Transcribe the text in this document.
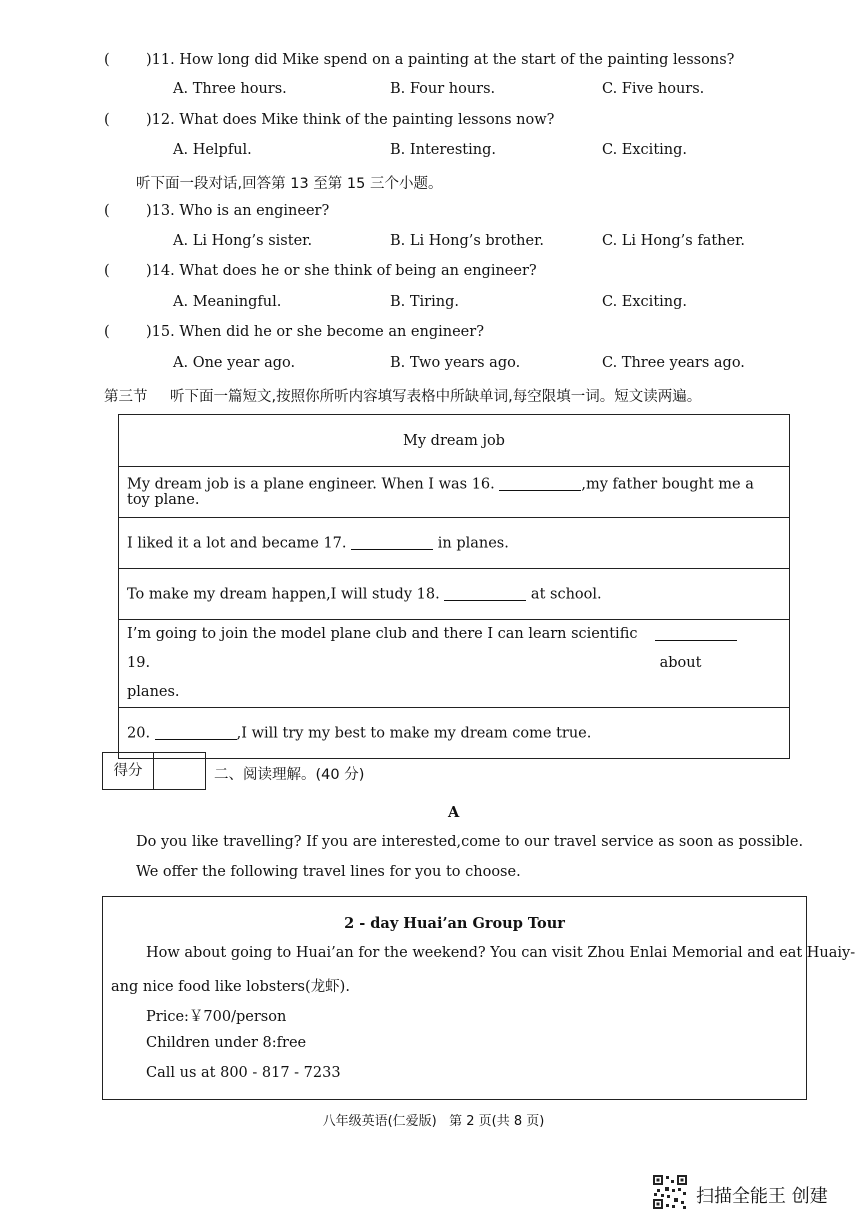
(	)11. How long did Mike spend on a painting at the start of the painting lessons?
A. Three hours.	B. Four hours.	C. Five hours.
(	)12. What does Mike think of the painting lessons now?
A. Helpful.	B. Interesting.	C. Exciting.
听下面一段对话,回答第 13 至第 15 三个小题。
(	)13. Who is an engineer?
A. Li Hong’s sister.	B. Li Hong’s brother.	C. Li Hong’s father.
(	)14. What does he or she think of being an engineer?
A. Meaningful.	B. Tiring.	C. Exciting.
(	)15. When did he or she become an engineer?
A. One year ago.	B. Two years ago.	C. Three years ago.
第三节 听下面一篇短文,按照你所听内容填写表格中所缺单词,每空限填一词。短文读两遍。
My dream job
My dream job is a plane engineer. When I was 16.	,my father bought me a toy plane.
I liked it a lot and became 17.	in planes.
To make my dream happen,I will study 18.	at school.

I’m going to join the model plane club and there I can learn scientific 19.	about
planes.

20.	,I will try my best to make my dream come true.
得分	二、阅读理解。(40 分)
A
Do you like travelling? If you are interested,come to our travel service as soon as possible.
We offer the following travel lines for you to choose.
2 - day Huai’an Group Tour
How about going to Huai’an for the weekend? You can visit Zhou Enlai Memorial and eat Huaiy-
ang nice food like lobsters(龙虾).
Price:￥700/person
Children under 8:free
Call us at 800 - 817 - 7233
八年级英语(仁爱版)   第 2 页(共 8 页)
扫描全能王 创建
